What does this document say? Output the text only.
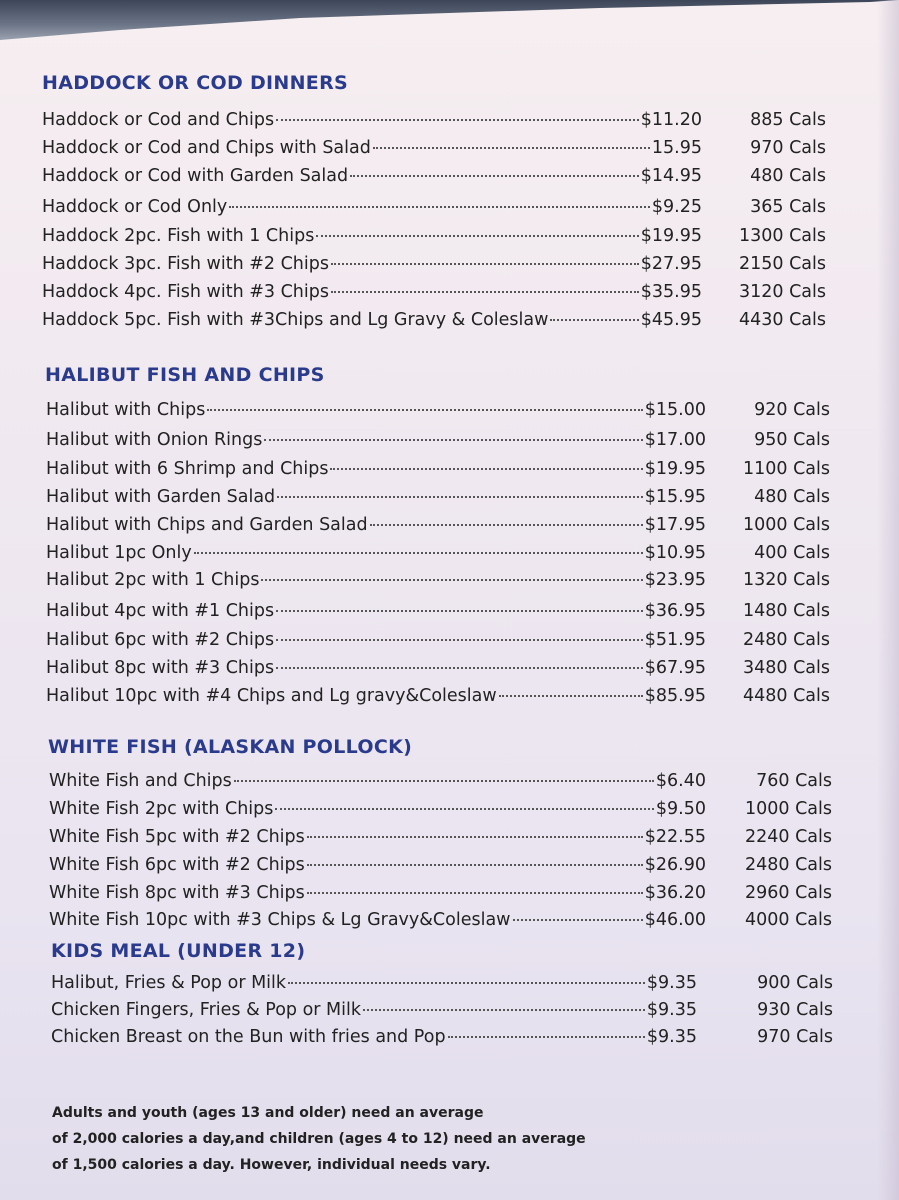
HADDOCK OR COD DINNERS
Haddock or Cod and Chips	$11.20	885 Cals
Haddock or Cod and Chips with Salad	15.95	970 Cals
Haddock or Cod with Garden Salad	$14.95	480 Cals
Haddock or Cod Only	$9.25	365 Cals
Haddock 2pc. Fish with 1 Chips	$19.95 1300 Cals
Haddock 3pc. Fish with #2 Chips	$27.95 2150 Cals
Haddock 4pc. Fish with #3 Chips	$35.95 3120 Cals
Haddock 5pc. Fish with #3Chips and Lg Gravy & Coleslaw	$45.95 4430 Cals
HALIBUT FISH AND CHIPS
Halibut with Chips	$15.00	920 Cals
Halibut with Onion Rings	$17.00	950 Cals
Halibut with 6 Shrimp and Chips	$19.95 1100 Cals
Halibut with Garden Salad	$15.95	480 Cals
Halibut with Chips and Garden Salad	$17.95 1000 Cals
Halibut 1pc Only	$10.95	400 Cals
Halibut 2pc with 1 Chips	$23.95 1320 Cals
Halibut 4pc with #1 Chips	$36.95 1480 Cals
Halibut 6pc with #2 Chips	$51.95 2480 Cals
Halibut 8pc with #3 Chips	$67.95 3480 Cals
Halibut 10pc with #4 Chips and Lg gravy&Coleslaw	$85.95 4480 Cals
WHITE FISH (ALASKAN POLLOCK)
White Fish and Chips	$6.40	760 Cals
White Fish 2pc with Chips	$9.50 1000 Cals
White Fish 5pc with #2 Chips	$22.55 2240 Cals
White Fish 6pc with #2 Chips	$26.90 2480 Cals
White Fish 8pc with #3 Chips	$36.20 2960 Cals
White Fish 10pc with #3 Chips & Lg Gravy&Coleslaw	$46.00 4000 Cals
KIDS MEAL (UNDER 12)
Halibut, Fries & Pop or Milk	$9.35	900 Cals
Chicken Fingers, Fries & Pop or Milk	$9.35	930 Cals
Chicken Breast on the Bun with fries and Pop	$9.35	970 Cals
Adults and youth (ages 13 and older) need an average
of 2,000 calories a day,and children (ages 4 to 12) need an average
of 1,500 calories a day. However, individual needs vary.
